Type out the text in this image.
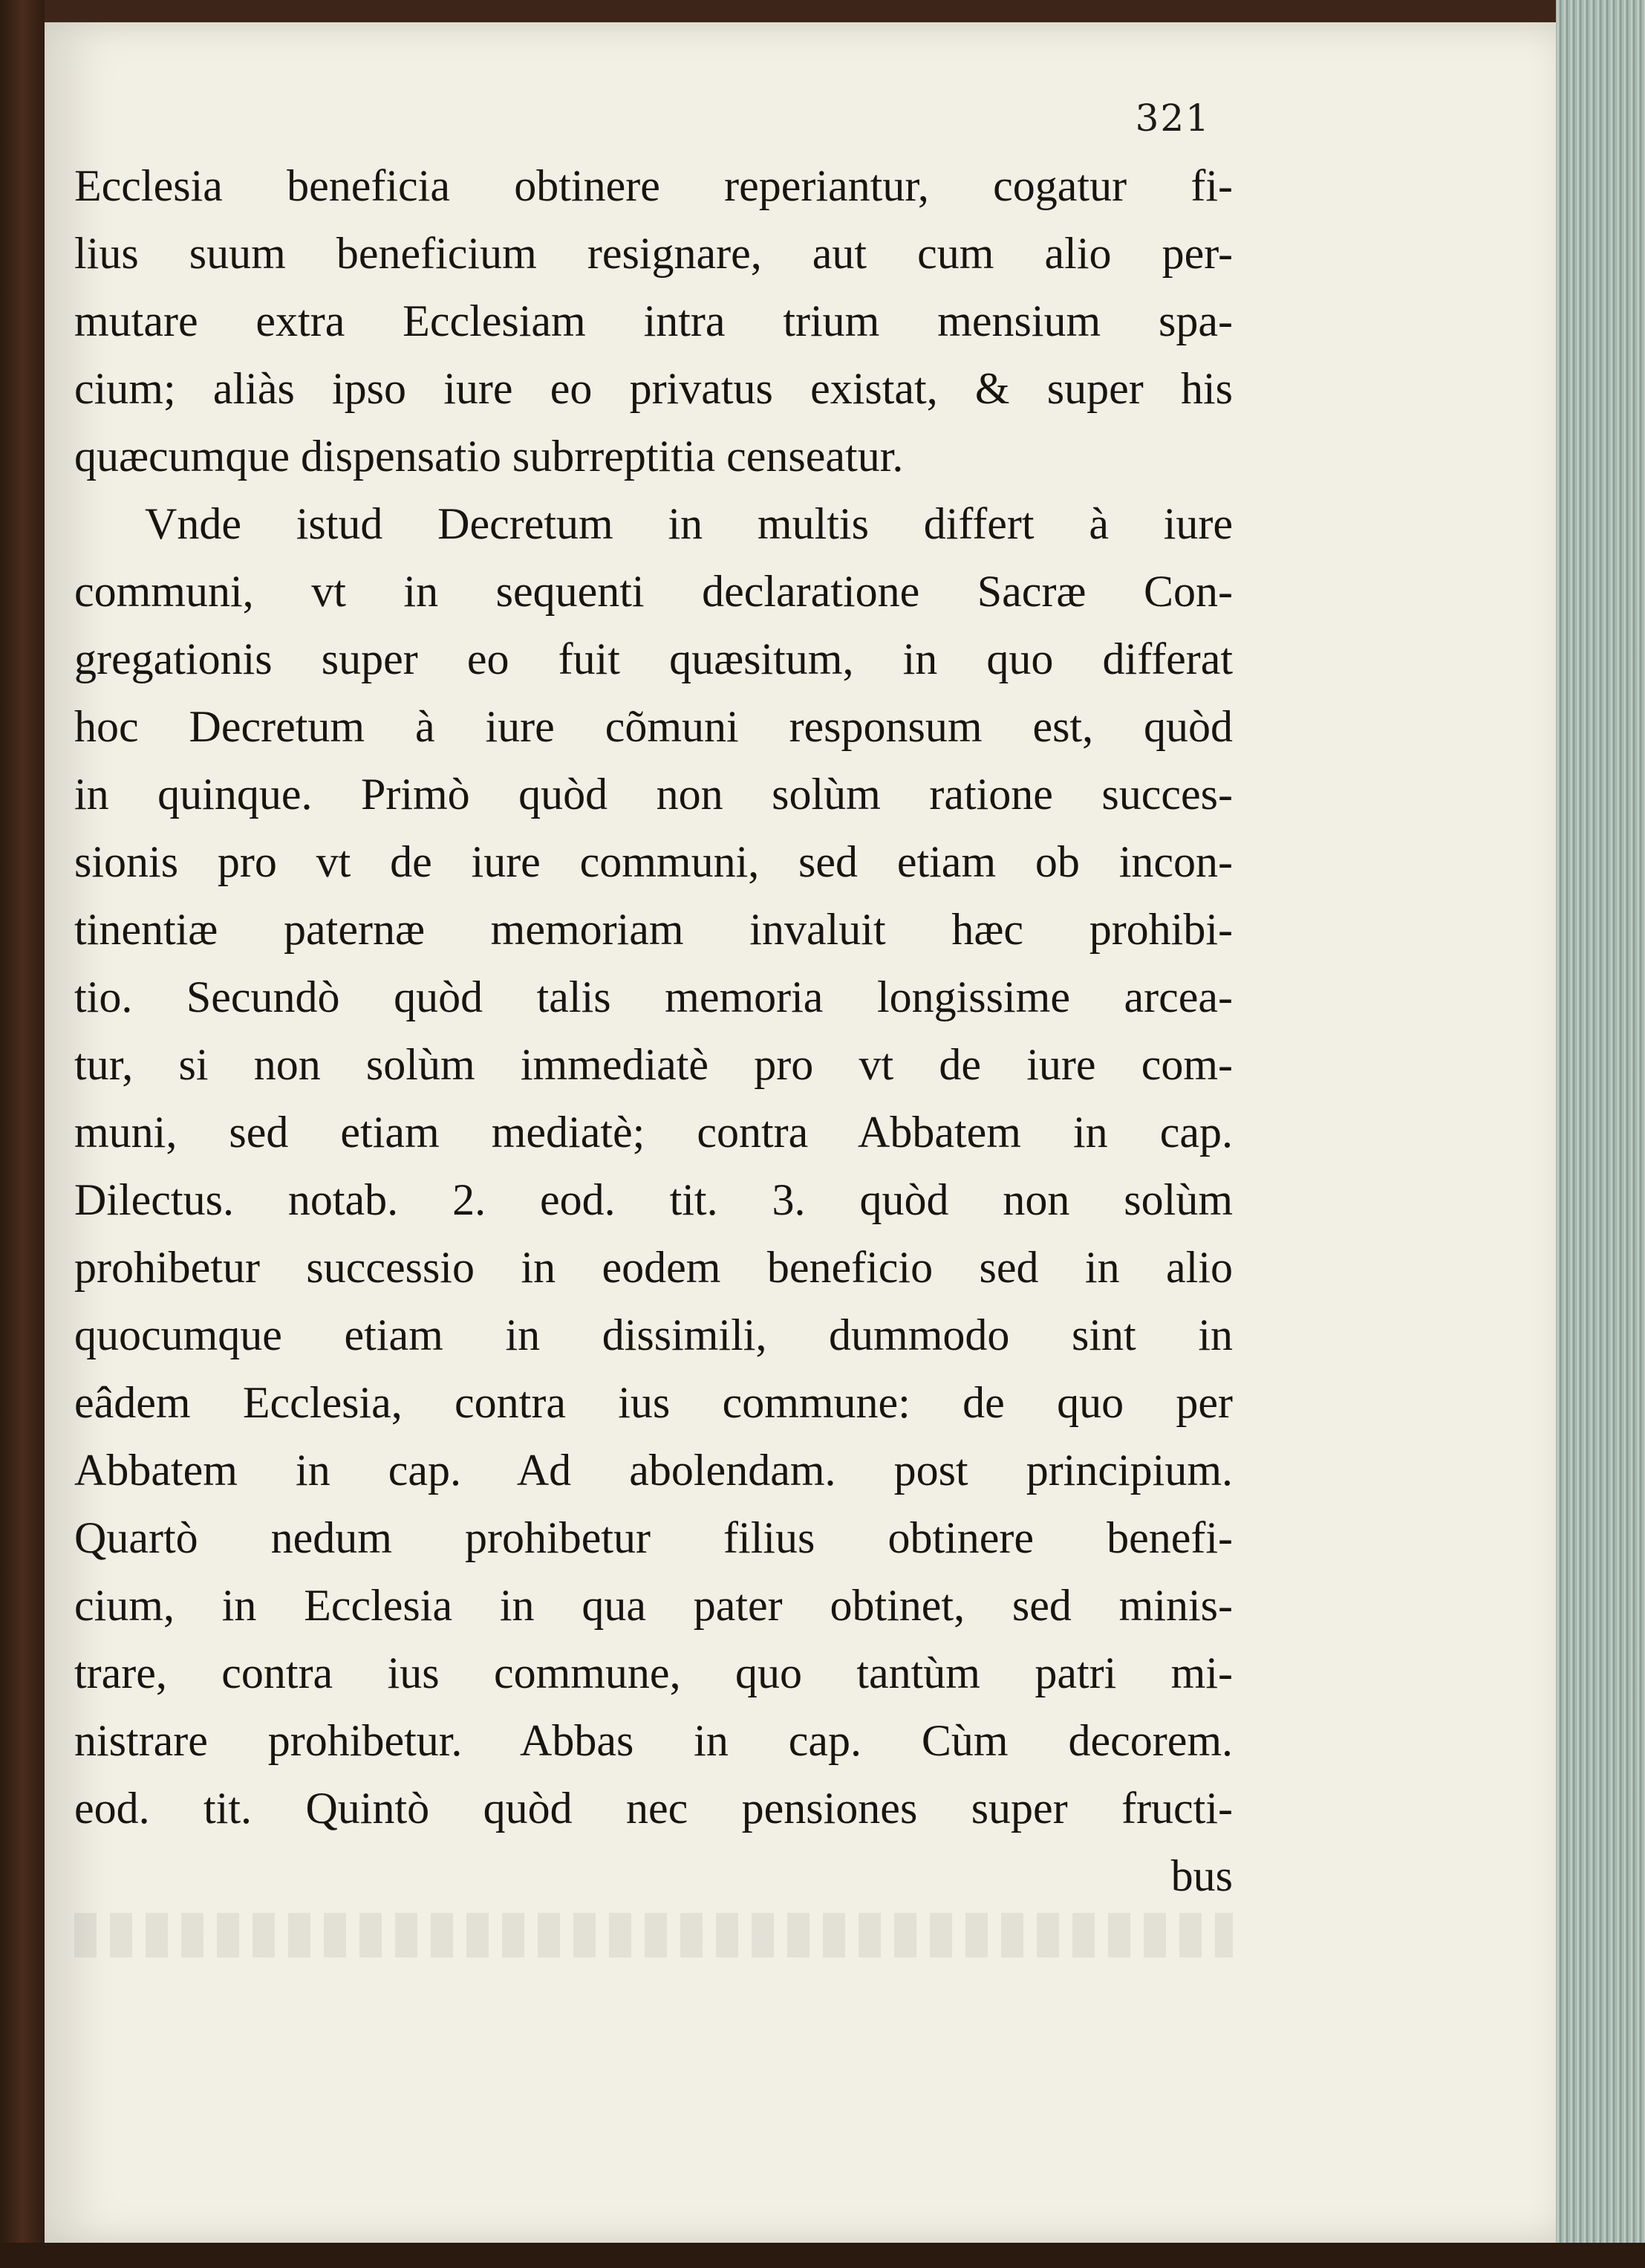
321
Ecclesia beneficia obtinere reperiantur, cogatur fi-
lius suum beneficium resignare, aut cum alio per-
mutare extra Ecclesiam intra trium mensium spa-
cium; aliàs ipso iure eo privatus existat, & super his
quæcumque dispensatio subrreptitia censeatur.
Vnde istud Decretum in multis differt à iure
communi, vt in sequenti declaratione Sacræ Con-
gregationis super eo fuit quæsitum, in quo differat
hoc Decretum à iure cõmuni responsum est, quòd
in quinque. Primò quòd non solùm ratione succes-
sionis pro vt de iure communi, sed etiam ob incon-
tinentiæ paternæ memoriam invaluit hæc prohibi-
tio. Secundò quòd talis memoria longissime arcea-
tur, si non solùm immediatè pro vt de iure com-
muni, sed etiam mediatè; contra Abbatem in cap.
Dilectus. notab. 2. eod. tit. 3. quòd non solùm
prohibetur successio in eodem beneficio sed in alio
quocumque etiam in dissimili, dummodo sint in
eâdem Ecclesia, contra ius commune: de quo per
Abbatem in cap. Ad abolendam. post principium.
Quartò nedum prohibetur filius obtinere benefi-
cium, in Ecclesia in qua pater obtinet, sed minis-
trare, contra ius commune, quo tantùm patri mi-
nistrare prohibetur. Abbas in cap. Cùm decorem.
eod. tit. Quintò quòd nec pensiones super fructi-
bus
